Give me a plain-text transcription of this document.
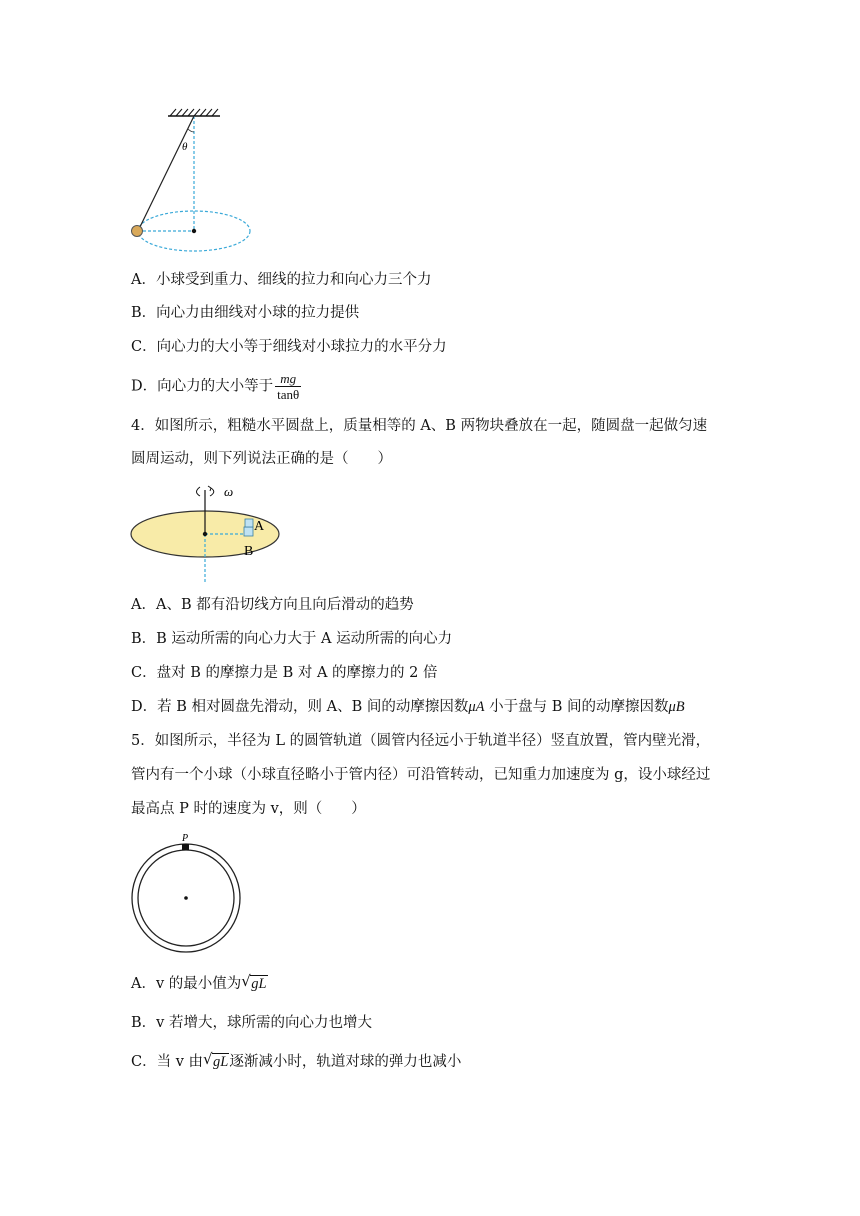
θ
A．小球受到重力、细线的拉力和向心力三个力
B．向心力由细线对小球的拉力提供
C．向心力的大小等于细线对小球拉力的水平分力
D．向心力的大小等于 $\frac{mg}{\tan\theta}$
4．如图所示，粗糙水平圆盘上，质量相等的 A、B 两物块叠放在一起，随圆盘一起做匀速
圆周运动，则下列说法正确的是（　　）
ω
A
B
A．A、B 都有沿切线方向且向后滑动的趋势
B．B 运动所需的向心力大于 A 运动所需的向心力
C．盘对 B 的摩擦力是 B 对 A 的摩擦力的 2 倍
D．若 B 相对圆盘先滑动，则 A、B 间的动摩擦因数μA 小于盘与 B 间的动摩擦因数μB
5．如图所示，半径为 L 的圆管轨道（圆管内径远小于轨道半径）竖直放置，管内壁光滑，
管内有一个小球（小球直径略小于管内径）可沿管转动，已知重力加速度为 g，设小球经过
最高点 P 时的速度为 v，则（　　）
P
A．v 的最小值为 √ gL
B．v 若增大，球所需的向心力也增大
C．当 v 由 √ gL逐渐减小时，轨道对球的弹力也减小
